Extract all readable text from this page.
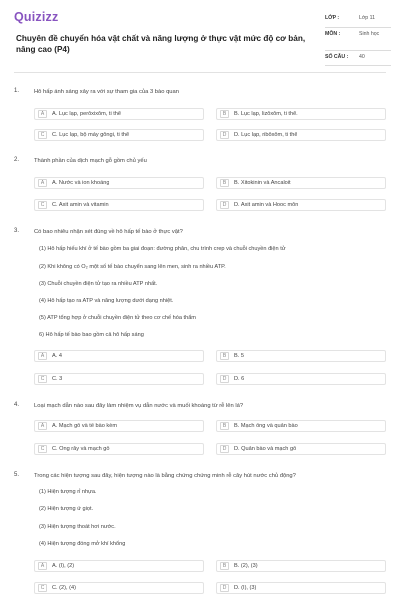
Quizizz
Chuyên đề chuyển hóa vật chất và năng lượng ở thực vật mức độ cơ bản, nâng cao (P4)
LỚP :	Lớp 11
MÔN :	Sinh học
SỐ CÂU :	40
1.	Hô hấp ánh sáng xảy ra với sự tham gia của 3 bào quan
A	A. Lục lạp, perôxixôm, ti thể	B	B. Lục lạp, lizôxôm, ti thể.
C	C. Lục lạp, bộ máy gôngi, ti thể	D	D. Lục lạp, ribôxôm, ti thể
2.	Thành phần của dịch mạch gỗ gồm chủ yếu
A	A. Nước và ion khoáng	B	B. Xitokinin và Ancaloit
C	C. Axit amin và vitamin	D	D. Axit amin và Hooc môn
3.	Có bao nhiêu nhận xét đúng về hô hấp tế bào ở thực vật?
(1) Hô hấp hiếu khí ở tế bào gồm ba giai đoạn: đường phân, chu trình crep và chuỗi chuyền điện tử
(2) Khi không có O₂ một số tế bào chuyển sang lên men, sinh ra nhiều ATP.
(3) Chuỗi chuyền điện tử tạo ra nhiều ATP nhất.
(4) Hô hấp tạo ra ATP và năng lượng dưới dạng nhiệt.
(5) ATP tổng hợp ở chuỗi chuyền điện tử theo cơ chế hóa thẩm
6) Hô hấp tế bào bao gồm cả hô hấp sáng
A	A. 4	B	B. 5
C	C. 3	D	D. 6
4.	Loại mạch dẫn nào sau đây làm nhiệm vụ dẫn nước và muối khoáng từ rễ lên lá?
A	A. Mạch gỗ và tế bào kèm	B	B. Mạch ống và quản bào
C	C. Ống rây và mạch gỗ	D	D. Quản bào và mạch gỗ
5.	Trong các hiện tượng sau đây, hiện tượng nào là bằng chứng chứng minh rễ cây hút nước chủ động?
(1) Hiện tượng rỉ nhựa.
(2) Hiện tượng ứ giọt.
(3) Hiện tượng thoát hơi nước.
(4) Hiện tượng đóng mở khí khổng
A	A. (I), (2)	B	B. (2), (3)
C	C. (2), (4)	D	D. (I), (3)
